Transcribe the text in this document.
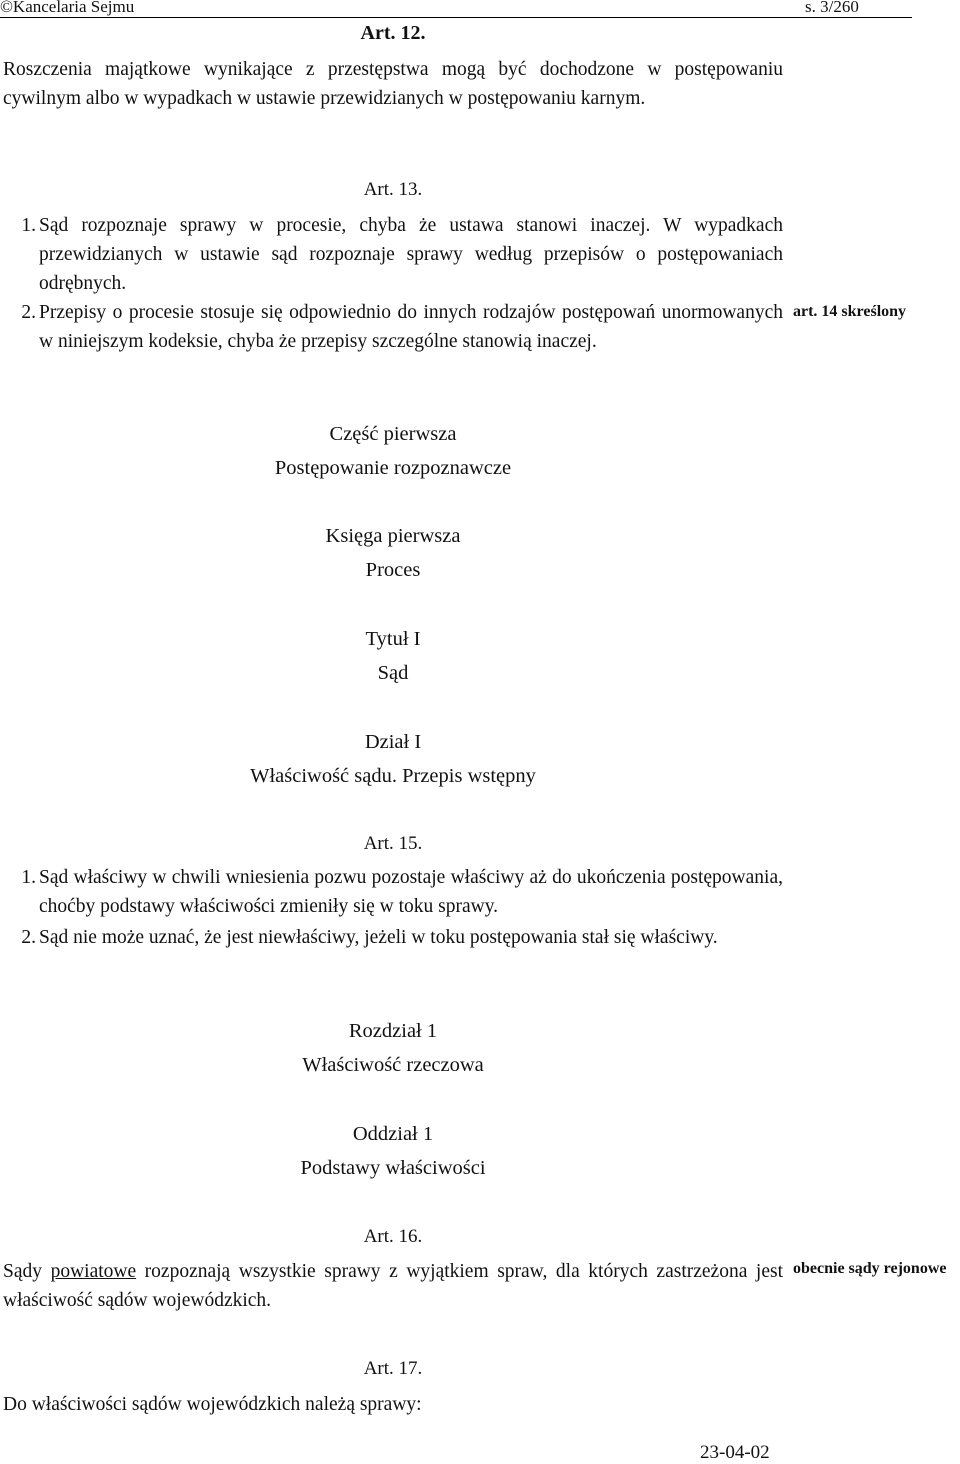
©Kancelaria Sejmu	s. 3/260
Art. 12.

Roszczenia majątkowe wynikające z przestępstwa mogą być dochodzone w postępowaniu cywilnym albo w wypadkach w ustawie przewidzianych w postępowaniu karnym.

Art. 13.

1. Sąd rozpoznaje sprawy w procesie, chyba że ustawa stanowi inaczej. W wypadkach przewidzianych w ustawie sąd rozpoznaje sprawy według przepisów o postępowaniach odrębnych.

2. Przepisy o procesie stosuje się odpowiednio do innych rodzajów postępowań unormowanych w niniejszym kodeksie, chyba że przepisy szczególne stanowią inaczej.

art. 14 skreślony
Część pierwsza
Postępowanie rozpoznawcze
Księga pierwsza
Proces
Tytuł I
Sąd
Dział I
Właściwość sądu. Przepis wstępny
Art. 15.

1. Sąd właściwy w chwili wniesienia pozwu pozostaje właściwy aż do ukończenia postępowania, choćby podstawy właściwości zmieniły się w toku sprawy.

2. Sąd nie może uznać, że jest niewłaściwy, jeżeli w toku postępowania stał się właściwy.

Rozdział 1
Właściwość rzeczowa
Oddział 1
Podstawy właściwości
Art. 16.

Sądy powiatowe rozpoznają wszystkie sprawy z wyjątkiem spraw, dla których zastrzeżona jest właściwość sądów wojewódzkich.

obecnie sądy rejonowe
Art. 17.

Do właściwości sądów wojewódzkich należą sprawy:

23-04-02
